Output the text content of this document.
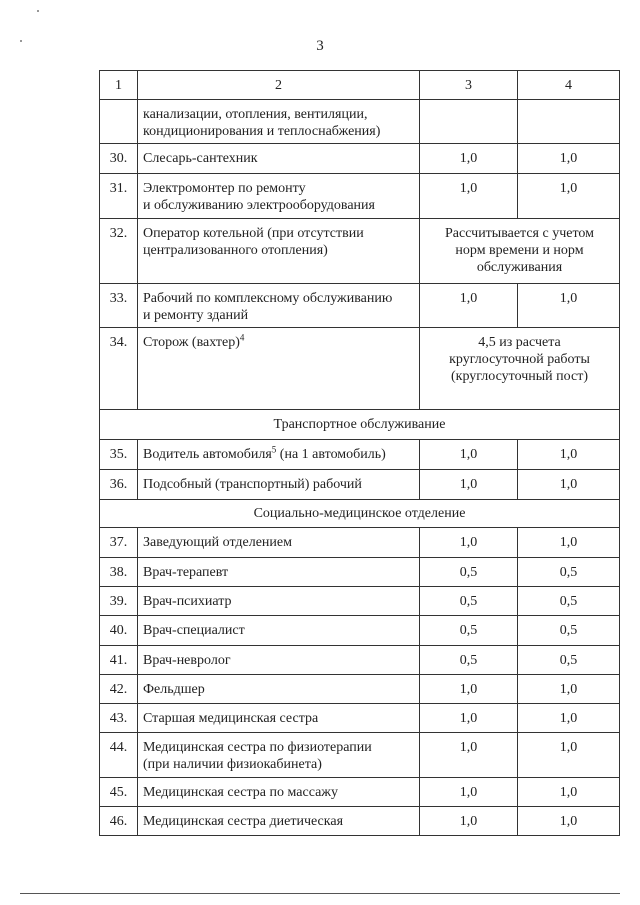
3
1	2	3	4
	канализации, отопления, вентиляции,
кондиционирования и теплоснабжения)		
30.	Слесарь-сантехник	1,0	1,0
31.	Электромонтер по ремонту
и обслуживанию электрооборудования	1,0	1,0
32.	Оператор котельной (при отсутствии
централизованного отопления)	Рассчитывается с учетом
норм времени и норм
обслуживания	
33.	Рабочий по комплексному обслуживанию
и ремонту зданий	1,0	1,0
34.	Сторож (вахтер)$^4$	4,5 из расчета
круглосуточной работы
(круглосуточный пост)	
Транспортное обслуживание			
35.	Водитель автомобиля$^5$ (на 1 автомобиль)	1,0	1,0
36.	Подсобный (транспортный) рабочий	1,0	1,0
Социально-медицинское отделение			
37.	Заведующий отделением	1,0	1,0
38.	Врач-терапевт	0,5	0,5
39.	Врач-психиатр	0,5	0,5
40.	Врач-специалист	0,5	0,5
41.	Врач-невролог	0,5	0,5
42.	Фельдшер	1,0	1,0
43.	Старшая медицинская сестра	1,0	1,0
44.	Медицинская сестра по физиотерапии
(при наличии физиокабинета)	1,0	1,0
45.	Медицинская сестра по массажу	1,0	1,0
46.	Медицинская сестра диетическая	1,0	1,0
